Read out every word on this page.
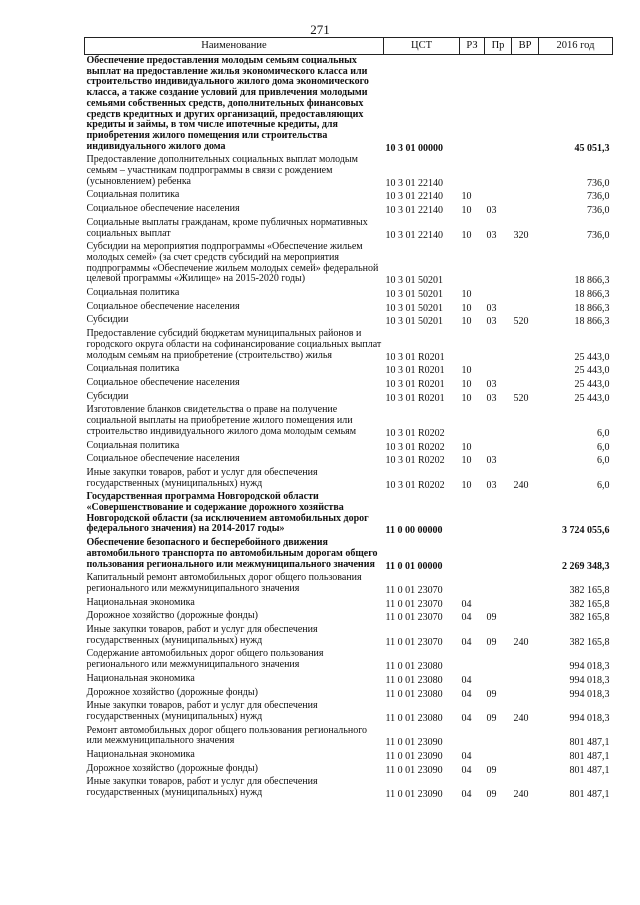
271
Наименование	ЦСТ	РЗ	Пр	ВР	2016 год
Обеспечение предоставления молодым семьям социальных выплат на предоставление жилья экономического класса или строительство индивидуального жилого дома экономического класса, а также создание условий для привлечения молодыми семьями собственных средств, дополнительных финансовых средств кредитных и других организаций, предоставляющих кредиты и займы, в том числе ипотечные кредиты, для приобретения жилого помещения или строительства индивидуального жилого дома	10 3 01 00000				45 051,3
Предоставление дополнительных социальных выплат молодым семьям – участникам подпрограммы в связи с рождением (усыновлением) ребенка	10 3 01 22140				736,0
Социальная политика	10 3 01 22140	10			736,0
Социальное обеспечение населения	10 3 01 22140	10	03		736,0
Социальные выплаты гражданам, кроме публичных нормативных социальных выплат	10 3 01 22140	10	03	320	736,0
Субсидии на мероприятия подпрограммы «Обеспечение жильем молодых семей» (за счет средств субсидий на мероприятия подпрограммы «Обеспечение жильем молодых семей» федеральной целевой программы «Жилище» на 2015-2020 годы)	10 3 01 50201				18 866,3
Социальная политика	10 3 01 50201	10			18 866,3
Социальное обеспечение населения	10 3 01 50201	10	03		18 866,3
Субсидии	10 3 01 50201	10	03	520	18 866,3
Предоставление субсидий бюджетам муниципальных районов и городского округа области на софинансирование социальных выплат молодым семьям на приобретение (строительство) жилья	10 3 01 R0201				25 443,0
Социальная политика	10 3 01 R0201	10			25 443,0
Социальное обеспечение населения	10 3 01 R0201	10	03		25 443,0
Субсидии	10 3 01 R0201	10	03	520	25 443,0
Изготовление бланков свидетельства о праве на получение социальной выплаты на приобретение жилого помещения или строительство индивидуального жилого дома молодым семьям	10 3 01 R0202				6,0
Социальная политика	10 3 01 R0202	10			6,0
Социальное обеспечение населения	10 3 01 R0202	10	03		6,0
Иные закупки товаров, работ и услуг для обеспечения государственных (муниципальных) нужд	10 3 01 R0202	10	03	240	6,0
Государственная программа Новгородской области «Совершенствование и содержание дорожного хозяйства Новгородской области (за исключением автомобильных дорог федерального значения) на 2014-2017 годы»	11 0 00 00000				3 724 055,6
Обеспечение безопасного и бесперебойного движения автомобильного транспорта по автомобильным дорогам общего пользования регионального или межмуниципального значения	11 0 01 00000				2 269 348,3
Капитальный ремонт автомобильных дорог общего пользования регионального или межмуниципального значения	11 0 01 23070				382 165,8
Национальная экономика	11 0 01 23070	04			382 165,8
Дорожное хозяйство (дорожные фонды)	11 0 01 23070	04	09		382 165,8
Иные закупки товаров, работ и услуг для обеспечения государственных (муниципальных) нужд	11 0 01 23070	04	09	240	382 165,8
Содержание автомобильных дорог общего пользования регионального или межмуниципального значения	11 0 01 23080				994 018,3
Национальная экономика	11 0 01 23080	04			994 018,3
Дорожное хозяйство (дорожные фонды)	11 0 01 23080	04	09		994 018,3
Иные закупки товаров, работ и услуг для обеспечения государственных (муниципальных) нужд	11 0 01 23080	04	09	240	994 018,3
Ремонт автомобильных дорог общего пользования регионального или межмуниципального значения	11 0 01 23090				801 487,1
Национальная экономика	11 0 01 23090	04			801 487,1
Дорожное хозяйство (дорожные фонды)	11 0 01 23090	04	09		801 487,1
Иные закупки товаров, работ и услуг для обеспечения государственных (муниципальных) нужд	11 0 01 23090	04	09	240	801 487,1
